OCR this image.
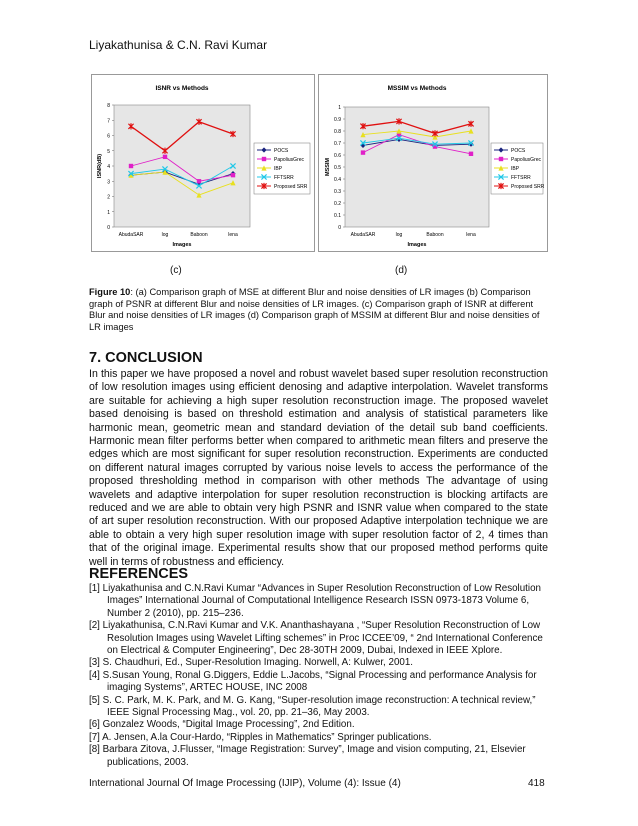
Liyakathunisa & C.N. Ravi Kumar
ISNR vs Methods
0
1
2
3
4
5
6
7
8
AbudaSAR	log	Baboon	lena
Images
ISNR(dB)
POCS
PapoliusGrec
IBP
FFTSRR
Proposed SRR
MSSIM vs Methods
0
0.1
0.2
0.3
0.4
0.5
0.6
0.7
0.8
0.9
1
AbudaSAR	log	Baboon	lena
Images
MSSIM
POCS
PapoliusGrec
IBP
FFTSRR
Proposed SRR
(c)	(d)
Figure 10: (a) Comparison graph of MSE at different Blur and noise densities of LR images (b) Comparison graph of PSNR at different Blur and noise densities of LR images. (c) Comparison graph of ISNR at different Blur and noise densities of LR images (d) Comparison graph of MSSIM at different Blur and noise densities of LR images
7. CONCLUSION
In this paper we have proposed a novel and robust wavelet based super resolution reconstruction of low resolution images using efficient denosing and adaptive interpolation. Wavelet transforms are suitable for achieving a high super resolution reconstruction image. The proposed wavelet based denoising is based on threshold estimation and analysis of statistical parameters like harmonic mean, geometric mean and standard deviation of the detail sub band coefficients. Harmonic mean filter performs better when compared to arithmetic mean filters and preserve the edges which are most significant for super resolution reconstruction. Experiments are conducted on different natural images corrupted by various noise levels to access the performance of the proposed thresholding method in comparison with other methods The advantage of using wavelets and adaptive interpolation for super resolution reconstruction is blocking artifacts are reduced and we are able to obtain very high PSNR and ISNR value when compared to the state of art super resolution reconstruction. With our proposed Adaptive interpolation technique we are able to obtain a very high super resolution image with super resolution factor of 2, 4 times than that of the original image. Experimental results show that our proposed method performs quite well in terms of robustness and efficiency.
REFERENCES

[1] Liyakathunisa and C.N.Ravi Kumar “Advances in Super Resolution Reconstruction of Low Resolution Images” International Journal of Computational Intelligence Research ISSN 0973-1873 Volume 6, Number 2 (2010), pp. 215–236.

[2] Liyakathunisa, C.N.Ravi Kumar and V.K. Ananthashayana , “Super Resolution Reconstruction of Low Resolution Images using Wavelet Lifting schemes” in Proc ICCEE’09, “ 2nd International Conference on Electrical & Computer Engineering”, Dec 28-30TH 2009, Dubai, Indexed in IEEE Xplore.

[3] S. Chaudhuri, Ed., Super-Resolution Imaging. Norwell, A: Kulwer, 2001.

[4] S.Susan Young, Ronal G.Diggers, Eddie L.Jacobs, “Signal Processing and performance Analysis for imaging Systems”, ARTEC HOUSE, INC 2008

[5] S. C. Park, M. K. Park, and M. G. Kang, “Super-resolution image reconstruction: A technical review,” IEEE Signal Processing Mag., vol. 20, pp. 21–36, May 2003.

[6] Gonzalez Woods, “Digital Image Processing”, 2nd Edition.

[7] A. Jensen, A.la Cour-Hardo, “Ripples in Mathematics” Springer publications.

[8] Barbara Zitova, J.Flusser, “Image Registration: Survey”, Image and vision computing, 21, Elsevier publications, 2003.

International Journal Of Image Processing (IJIP), Volume (4): Issue (4)	418
